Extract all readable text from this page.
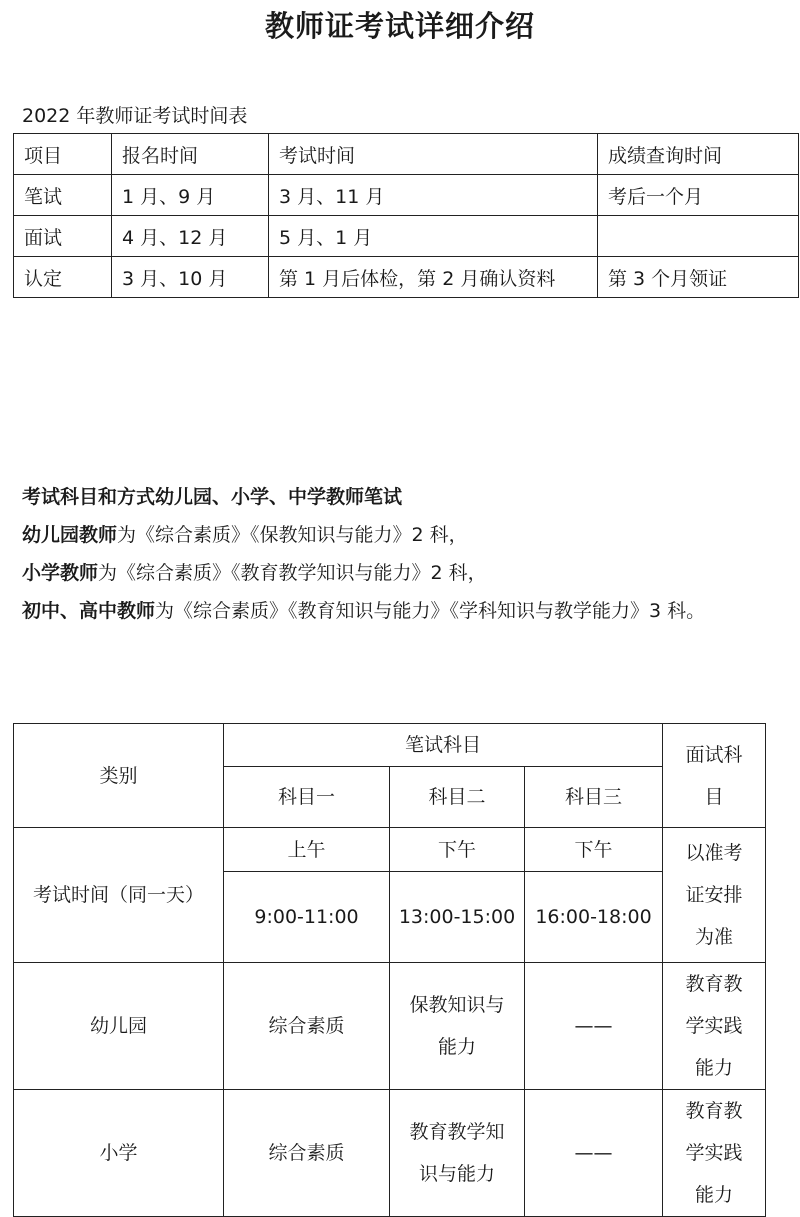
教师证考试详细介绍
2022 年教师证考试时间表
项目	报名时间	考试时间	成绩查询时间
笔试	1 月、9 月	3 月、11 月	考后一个月
面试	4 月、12 月	5 月、1 月	
认定	3 月、10 月	第 1 月后体检，第 2 月确认资料	第 3 个月领证

考试科目和方式幼儿园、小学、中学教师笔试

幼儿园教师为《综合素质》《保教知识与能力》2 科，

小学教师为《综合素质》《教育教学知识与能力》2 科，

初中、高中教师为《综合素质》《教育知识与能力》《学科知识与教学能力》3 科。

类别	笔试科目			面试科目
	科目一	科目二	科目三	
考试时间（同一天）	上午	下午	下午	以准考证安排为准
	9:00-11:00	13:00-15:00	16:00-18:00	
幼儿园	综合素质	保教知识与能力	——	教育教学实践能力
小学	综合素质	教育教学知识与能力	——	教育教学实践能力
